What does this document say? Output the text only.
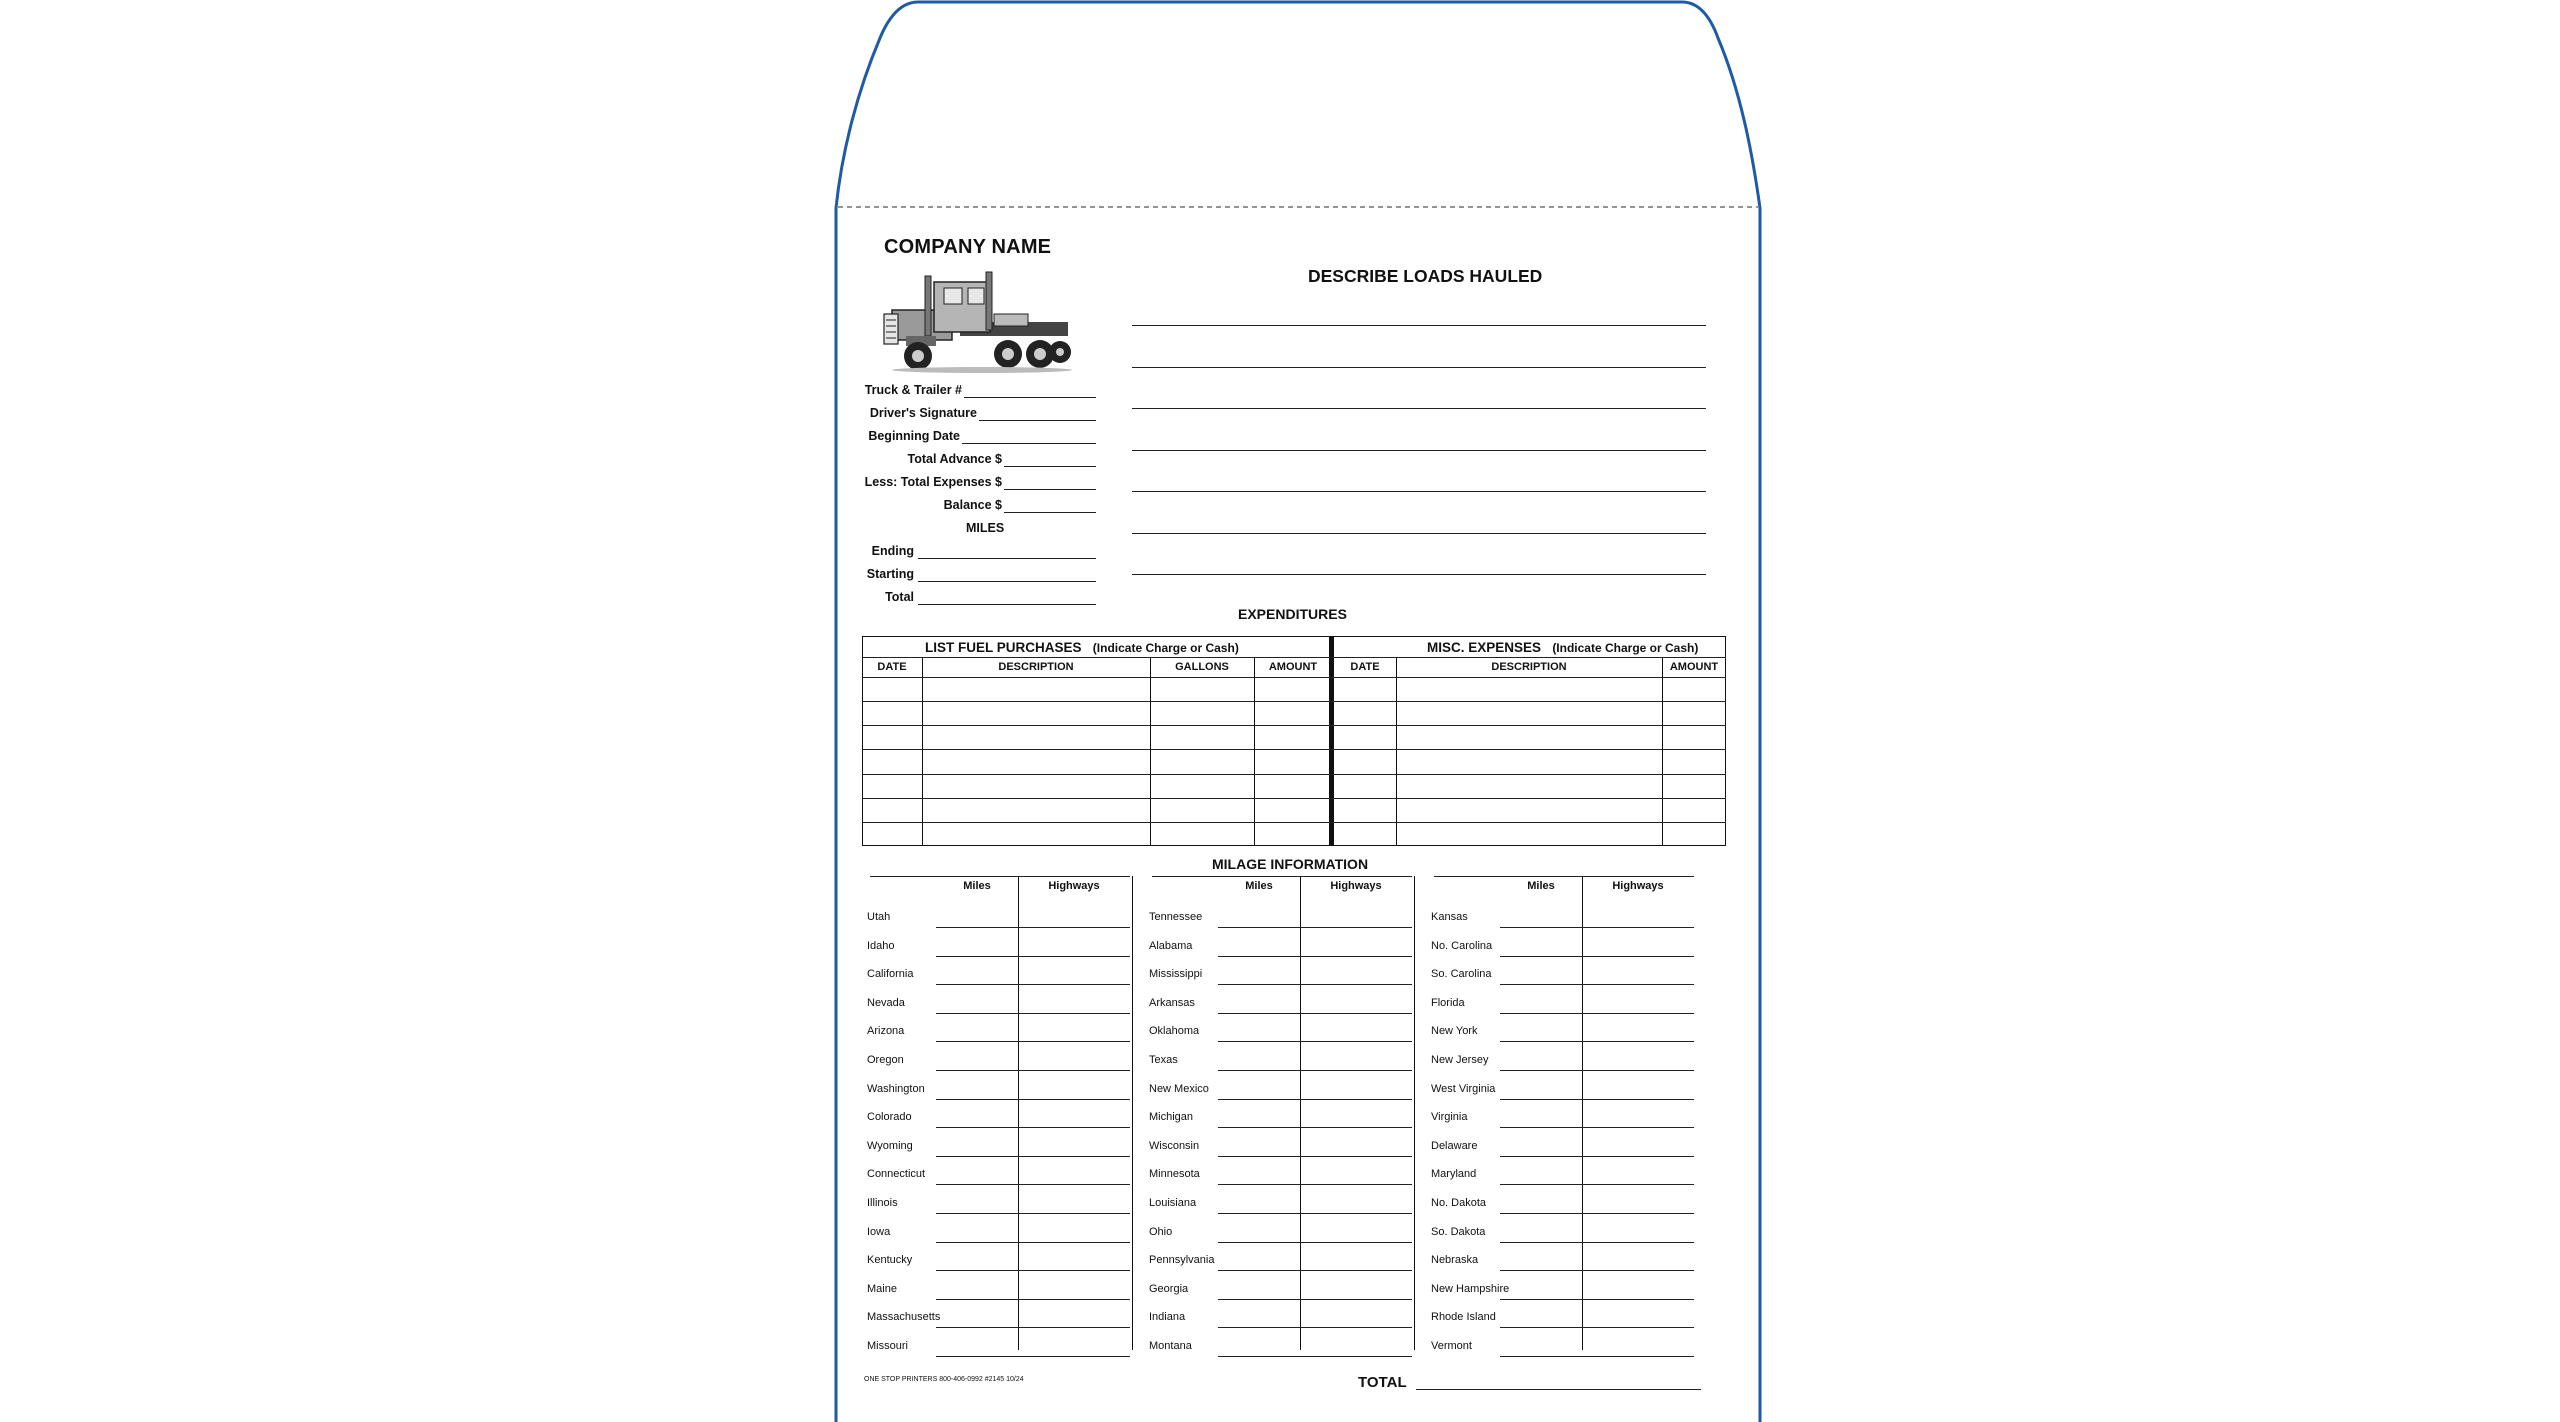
COMPANY NAME
Truck & Trailer #
Driver's Signature
Beginning Date
Total Advance $
Less: Total Expenses $
Balance $
MILES
Ending
Starting
Total
DESCRIBE LOADS HAULED
EXPENDITURES
LIST FUEL PURCHASES (Indicate Charge or Cash)	MISC. EXPENSES (Indicate Charge or Cash)
DATE	DESCRIPTION	GALLONS	AMOUNT	DATE	DESCRIPTION	AMOUNT
MILAGE INFORMATION
Miles	Highways
Utah
Idaho
California
Nevada
Arizona
Oregon
Washington
Colorado
Wyoming
Connecticut
Illinois
Iowa
Kentucky
Maine
Massachusetts
Missouri
Miles	Highways
Tennessee
Alabama
Mississippi
Arkansas
Oklahoma
Texas
New Mexico
Michigan
Wisconsin
Minnesota
Louisiana
Ohio
Pennsylvania
Georgia
Indiana
Montana
Miles	Highways
Kansas
No. Carolina
So. Carolina
Florida
New York
New Jersey
West Virginia
Virginia
Delaware
Maryland
No. Dakota
So. Dakota
Nebraska
New Hampshire
Rhode Island
Vermont
ONE STOP PRINTERS 800-406-0992 #2145 10/24	TOTAL
